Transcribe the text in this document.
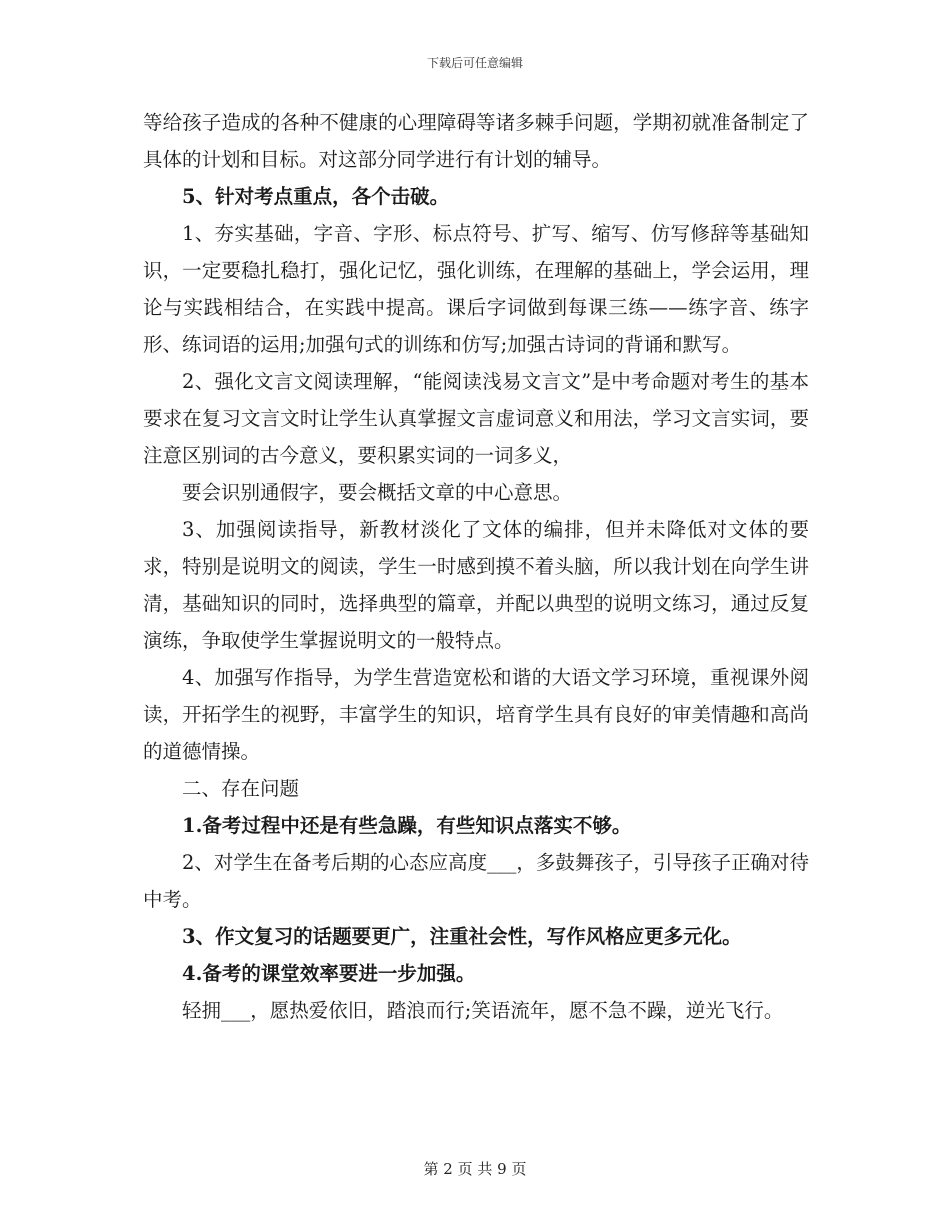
下载后可任意编辑

等给孩子造成的各种不健康的心理障碍等诸多棘手问题，学期初就准备制定了具体的计划和目标。对这部分同学进行有计划的辅导。

5、针对考点重点，各个击破。

1、夯实基础，字音、字形、标点符号、扩写、缩写、仿写修辞等基础知识，一定要稳扎稳打，强化记忆，强化训练，在理解的基础上，学会运用，理论与实践相结合，在实践中提高。课后字词做到每课三练——练字音、练字形、练词语的运用;加强句式的训练和仿写;加强古诗词的背诵和默写。

2、强化文言文阅读理解，“能阅读浅易文言文”是中考命题对考生的基本要求在复习文言文时让学生认真掌握文言虚词意义和用法，学习文言实词，要注意区别词的古今意义，要积累实词的一词多义，

要会识别通假字，要会概括文章的中心意思。

3、加强阅读指导，新教材淡化了文体的编排，但并未降低对文体的要求，特别是说明文的阅读，学生一时感到摸不着头脑，所以我计划在向学生讲清，基础知识的同时，选择典型的篇章，并配以典型的说明文练习，通过反复演练，争取使学生掌握说明文的一般特点。

4、加强写作指导，为学生营造宽松和谐的大语文学习环境，重视课外阅读，开拓学生的视野，丰富学生的知识，培育学生具有良好的审美情趣和高尚的道德情操。

二、存在问题

1.备考过程中还是有些急躁，有些知识点落实不够。

2、对学生在备考后期的心态应高度___，多鼓舞孩子，引导孩子正确对待中考。

3、作文复习的话题要更广，注重社会性，写作风格应更多元化。

4.备考的课堂效率要进一步加强。

轻拥___，愿热爱依旧，踏浪而行;笑语流年，愿不急不躁，逆光飞行。

第 2 页 共 9 页
